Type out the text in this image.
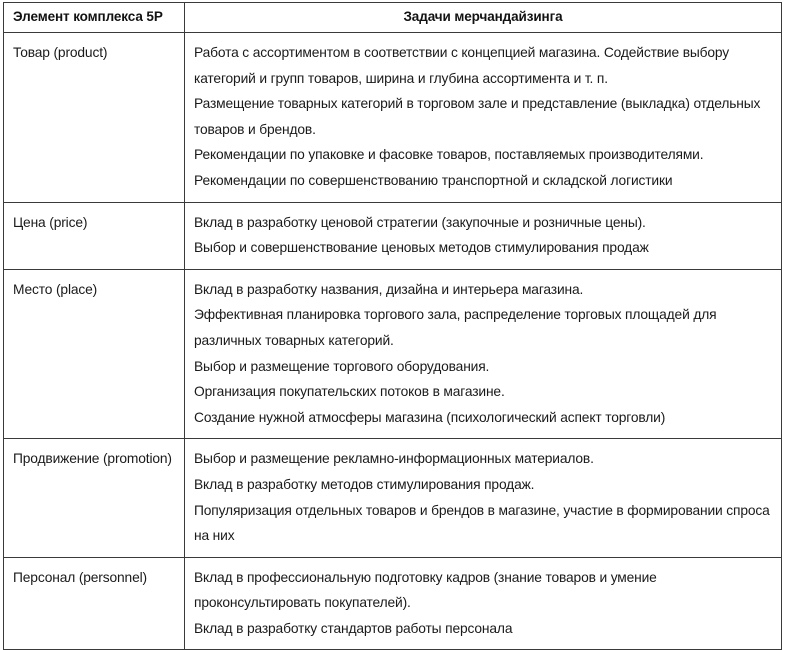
Элемент комплекса 5Р	Задачи мерчандайзинга
Товар (product)	Работа с ассортиментом в соответствии с концепцией магазина. Содействие выбору категорий и групп товаров, ширина и глубина ассортимента и т. п.

Размещение товарных категорий в торговом зале и представление (выкладка) отдельных товаров и брендов.

Рекомендации по упаковке и фасовке товаров, поставляемых производителями.

Рекомендации по совершенствованию транспортной и складской логистики

Цена (price)	Вклад в разработку ценовой стратегии (закупочные и розничные цены).

Выбор и совершенствование ценовых методов стимулирования продаж

Место (place)	Вклад в разработку названия, дизайна и интерьера магазина.

Эффективная планировка торгового зала, распределение торговых площадей для различных товарных категорий.

Выбор и размещение торгового оборудования.

Организация покупательских потоков в магазине.

Создание нужной атмосферы магазина (психологический аспект торговли)

Продвижение (promotion)	Выбор и размещение рекламно-информационных материалов.

Вклад в разработку методов стимулирования продаж.

Популяризация отдельных товаров и брендов в магазине, участие в формировании спроса на них

Персонал (personnel)	Вклад в профессиональную подготовку кадров (знание товаров и умение проконсультировать покупателей).

Вклад в разработку стандартов работы персонала
